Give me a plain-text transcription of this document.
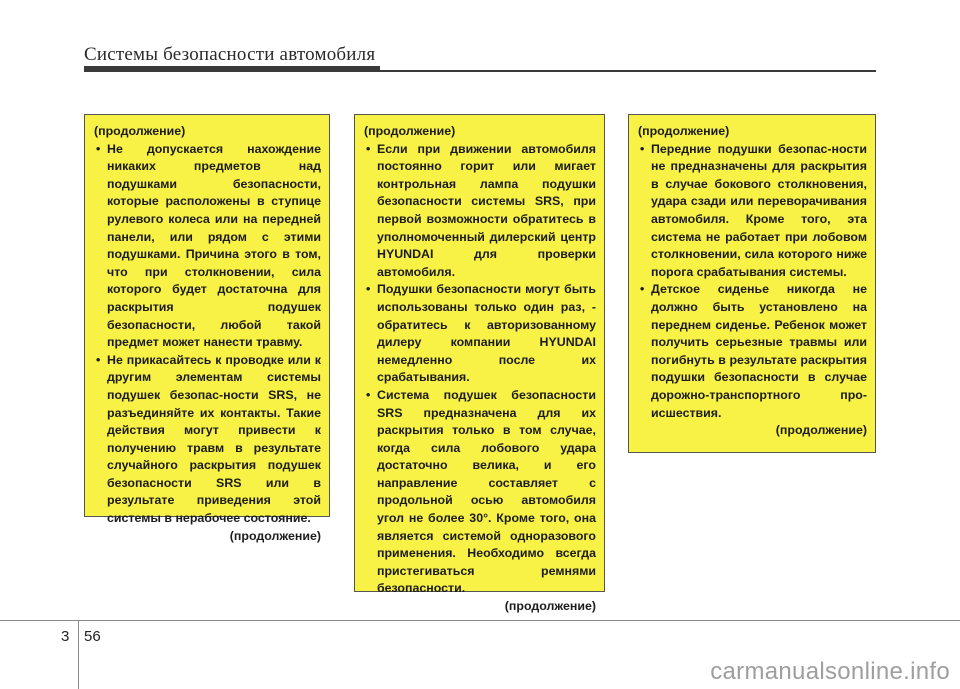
Системы безопасности автомобиля
(продолжение)
• Не допускается нахождение никаких предметов над подушками безопасности, которые расположены в ступице рулевого колеса или на передней панели, или рядом с этими подушками. Причина этого в том, что при столкновении, сила которого будет достаточна для раскрытия подушек безопасности, любой такой предмет может нанести травму.
• Не прикасайтесь к проводке или к другим элементам системы подушек безопас-ности SRS, не разъединяйте их контакты. Такие действия могут привести к получению травм в результате случайного раскрытия подушек безопасности SRS или в результате приведения этой системы в нерабочее состояние.
(продолжение)
(продолжение)
• Если при движении автомобиля постоянно горит или мигает контрольная лампа подушки безопасности системы SRS, при первой возможности обратитесь в уполномоченный дилерский центр HYUNDAI для проверки автомобиля.
• Подушки безопасности могут быть использованы только один раз, - обратитесь к авторизованному дилеру компании HYUNDAI немедленно после их срабатывания.
• Система подушек безопасности SRS предназначена для их раскрытия только в том случае, когда сила лобового удара достаточно велика, и его направление составляет с продольной осью автомобиля угол не более 30°. Кроме того, она является системой одноразового применения. Необходимо всегда пристегиваться ремнями безопасности.
(продолжение)
(продолжение)
• Передние подушки безопас-ности не предназначены для раскрытия в случае бокового столкновения, удара сзади или переворачивания автомобиля. Кроме того, эта система не работает при лобовом столкновении, сила которого ниже порога срабатывания системы.
• Детское сиденье никогда не должно быть установлено на переднем сиденье. Ребенок может получить серьезные травмы или погибнуть в результате раскрытия подушки безопасности в случае дорожно-транспортного про-исшествия.
(продолжение)
3 56
carmanualsonline.info
